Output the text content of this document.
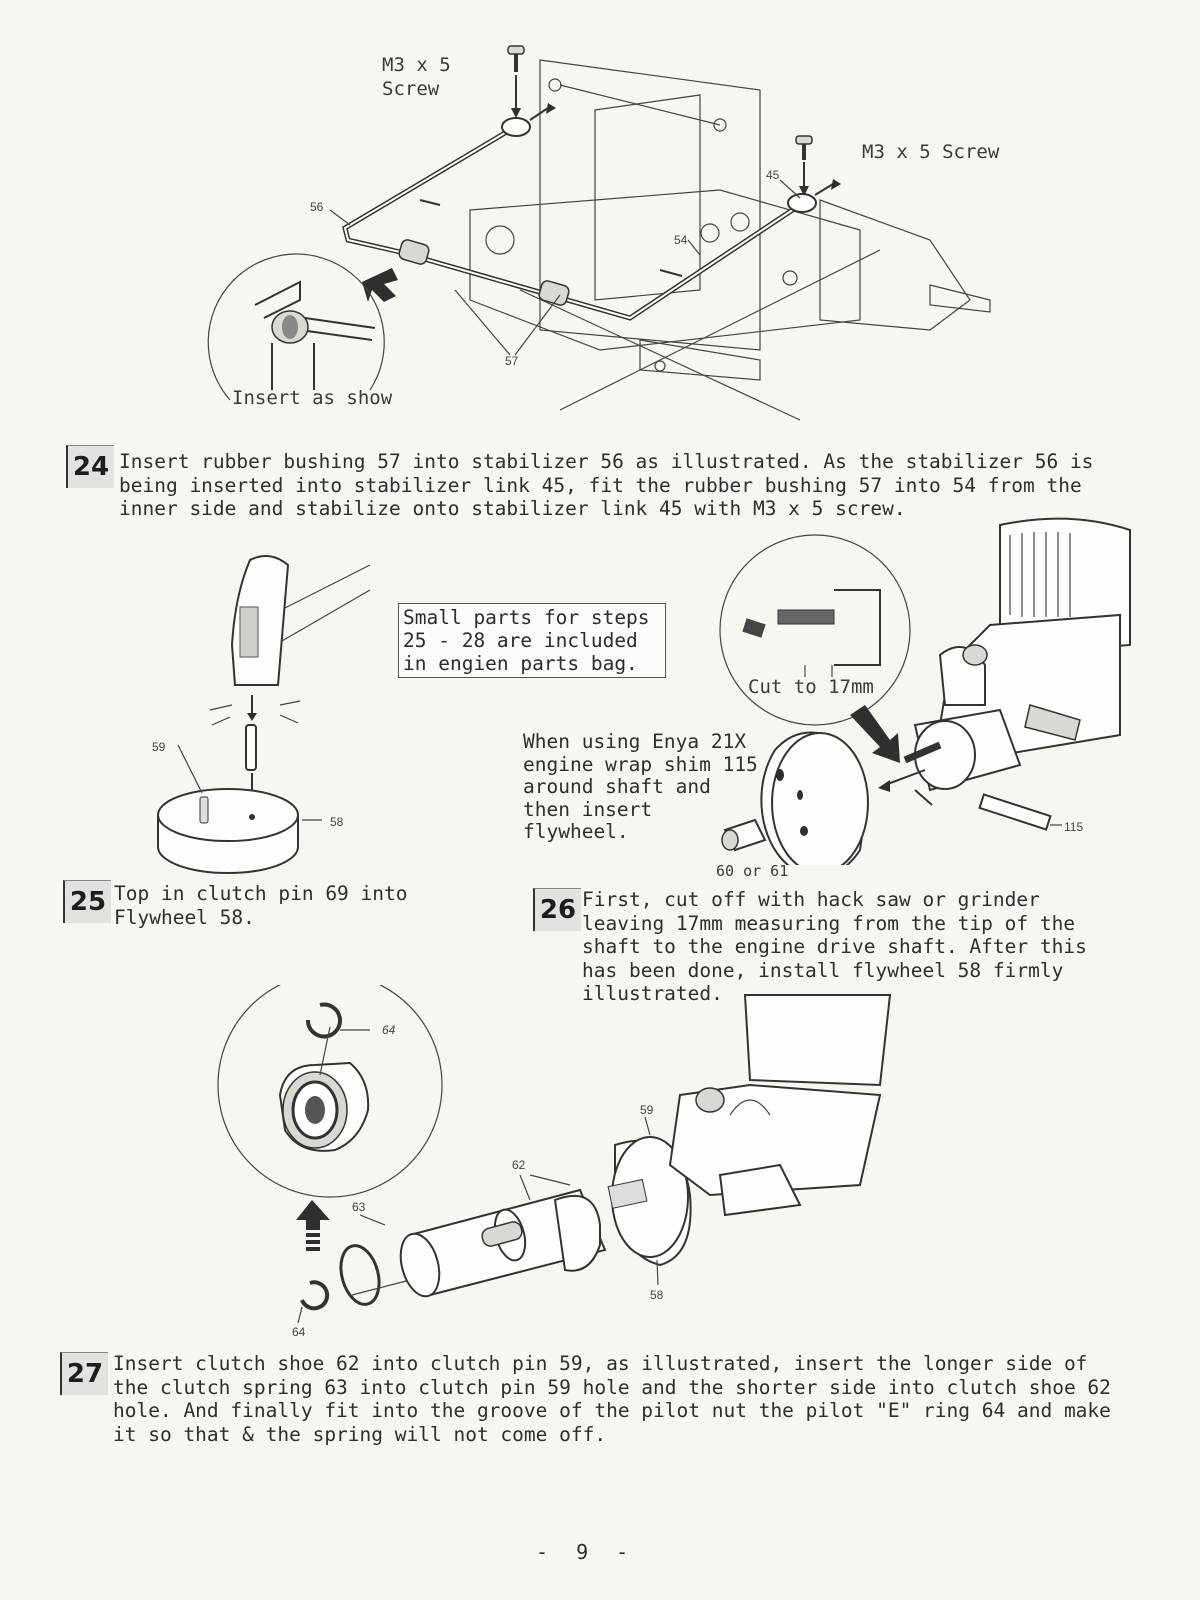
M3 x 5
Screw
M3 x 5 Screw
Insert as show
56
45
54
57
24 Insert rubber bushing 57 into stabilizer 56 as illustrated. As the stabilizer 56 is being inserted into stabilizer link 45, fit the rubber bushing 57 into 54 from the inner side and stabilize onto stabilizer link 45 with M3 x 5 screw.
59
58
Small parts for steps
25 - 28 are included
in engien parts bag.
Cut to 17mm
60 or 61
115
When using Enya 21X
engine wrap shim 115
around shaft and
then insert
flywheel.
25 Top in clutch pin 69 into
Flywheel 58.	26 First, cut off with hack saw or grinder leaving 17mm measuring from the tip of the shaft to the engine drive shaft. After this has been done, install flywheel 58 firmly illustrated.
64
64
63
62
59
58
27 Insert clutch shoe 62 into clutch pin 59, as illustrated, insert the longer side of the clutch spring 63 into clutch pin 59 hole and the shorter side into clutch shoe 62 hole. And finally fit into the groove of the pilot nut the pilot "E" ring 64 and make it so that & the spring will not come off.
- 9 -
